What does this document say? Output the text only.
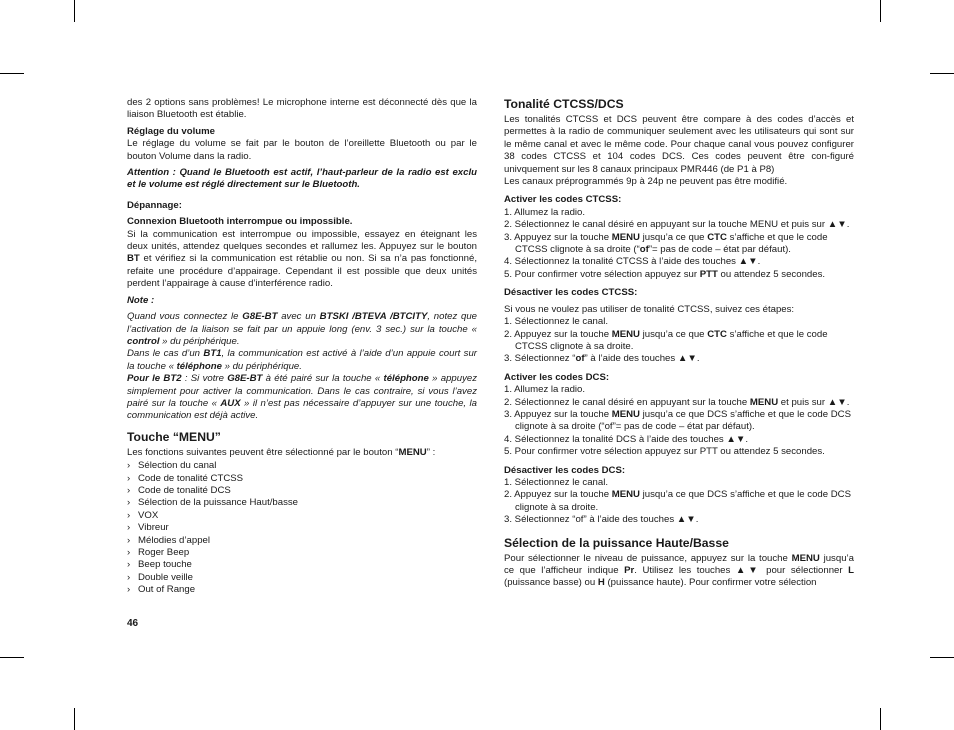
des 2 options sans problèmes! Le microphone interne est déconnecté dès que la liaison Bluetooth est établie.

Réglage du volume

Le réglage du volume se fait par le bouton de l’oreillette Bluetooth ou par le bouton Volume dans la radio.

Attention : Quand le Bluetooth est actif, l’haut-parleur de la radio est exclu et le volume est réglé directement sur le Bluetooth.

Dépannage:

Connexion Bluetooth interrompue ou impossible.

Si la communication est interrompue ou impossible, essayez en éteignant les deux unités, attendez quelques secondes et rallumez les. Appuyez sur le bouton BT et vérifiez si la communication est rétablie ou non. Si sa n’a pas fonctionné, refaite une procédure d’appairage. Cependant il est possible que deux unités perdent l’appairage à cause d’interférence radio.

Note :

Quand vous connectez le G8E-BT avec un BTSKI /BTEVA /BTCITY, notez que l’activation de la liaison se fait par un appuie long (env. 3 sec.) sur la touche « control » du périphérique.

Dans le cas d’un BT1, la communication est activé à l’aide d’un appuie court sur la touche « téléphone » du périphérique.

Pour le BT2 : Si votre G8E-BT à été pairé sur la touche « téléphone » appuyez simplement pour activer la communication. Dans le cas contraire, si vous l’avez pairé sur la touche « AUX » il n’est pas nécessaire d’appuyer sur une touche, la communication est déjà active.

Touche “MENU”

Les fonctions suivantes peuvent être sélectionné par le bouton “MENU” :

› Sélection du canal
› Code de tonalité CTCSS
› Code de tonalité DCS
› Sélection de la puissance Haut/basse
› VOX
› Vibreur
› Mélodies d’appel
› Roger Beep
› Beep touche
› Double veille
› Out of Range
46

Tonalité CTCSS/DCS

Les tonalités CTCSS et DCS peuvent être compare à des codes d’accès et permettes à la radio de communiquer seulement avec les utilisateurs qui sont sur le même canal et avec le même code. Pour chaque canal vous pouvez configurer 38 codes CTCSS et 104 codes DCS. Ces codes peuvent être con-figuré univquement sur les 8 canaux principaux PMR446 (de P1 à P8)

Les canaux préprogrammés 9p à 24p ne peuvent pas être modifié.

Activer les codes CTCSS:

1. Allumez la radio.
2. Sélectionnez le canal désiré en appuyant sur la touche MENU et puis sur ▲▼.
3. Appuyez sur la touche MENU jusqu’a ce que CTC s’affiche et que le code CTCSS clignote à sa droite (“of”= pas de code – état par défaut).
4. Sélectionnez la tonalité CTCSS à l’aide des touches ▲▼.
5. Pour confirmer votre sélection appuyez sur PTT ou attendez 5 secondes.

Désactiver les codes CTCSS:

Si vous ne voulez pas utiliser de tonalité CTCSS, suivez ces étapes:

1. Sélectionnez le canal.
2. Appuyez sur la touche MENU jusqu’a ce que CTC s’affiche et que le code CTCSS clignote à sa droite.
3. Sélectionnez “of” à l’aide des touches ▲▼.

Activer les codes DCS:

1. Allumez la radio.
2. Sélectionnez le canal désiré en appuyant sur la touche MENU et puis sur ▲▼.
3. Appuyez sur la touche MENU jusqu’a ce que DCS s’affiche et que le code DCS clignote à sa droite (“of”= pas de code – état par défaut).
4. Sélectionnez la tonalité DCS à l’aide des touches ▲▼.
5. Pour confirmer votre sélection appuyez sur PTT ou attendez 5 secondes.

Désactiver les codes DCS:

1. Sélectionnez le canal.
2. Appuyez sur la touche MENU jusqu’a ce que DCS s’affiche et que le code DCS clignote à sa droite.
3. Sélectionnez “of” à l’aide des touches ▲▼.

Sélection de la puissance Haute/Basse

Pour sélectionner le niveau de puissance, appuyez sur la touche MENU jusqu’a ce que l’afficheur indique Pr. Utilisez les touches ▲▼ pour sélectionner L (puissance basse) ou H (puissance haute). Pour confirmer votre sélection
